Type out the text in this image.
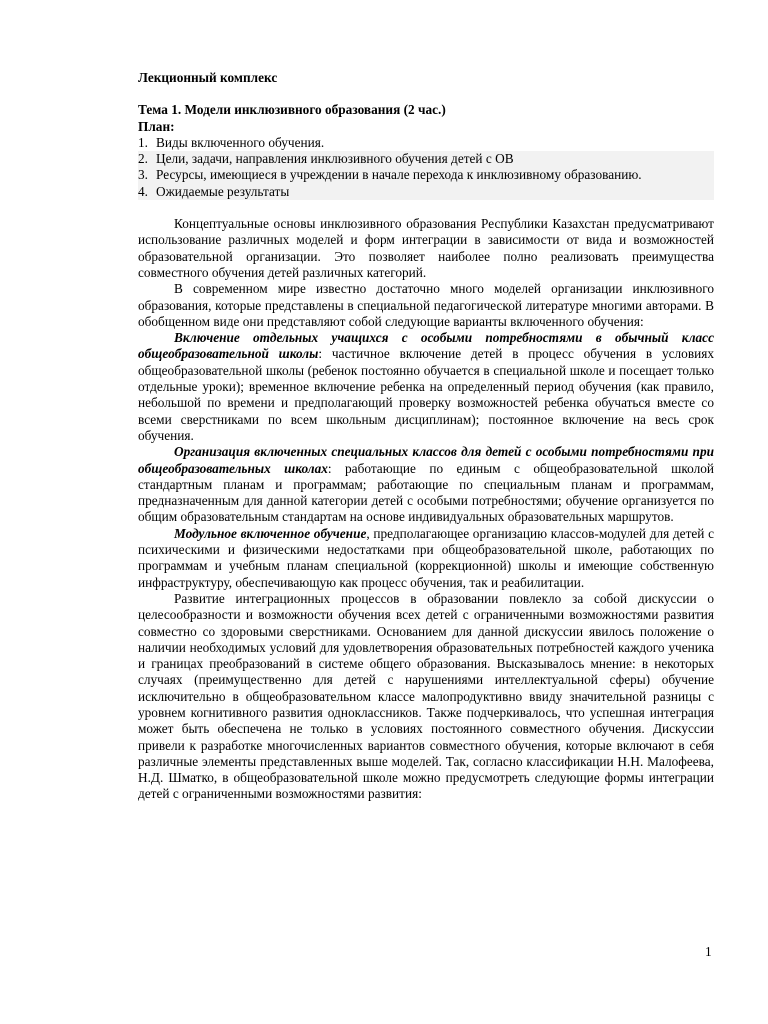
Лекционный комплекс

Тема 1. Модели инклюзивного образования (2 час.)

План:

1. Виды включенного обучения.
2. Цели, задачи, направления инклюзивного обучения детей с ОВ
3. Ресурсы, имеющиеся в учреждении в начале перехода к инклюзивному образованию.
4. Ожидаемые результаты

Концептуальные основы инклюзивного образования Республики Казахстан предусматривают использование различных моделей и форм интеграции в зависимости от вида и возможностей образовательной организации. Это позволяет наиболее полно реализовать преимущества совместного обучения детей различных категорий.

В современном мире известно достаточно много моделей организации инклюзивного образования, которые представлены в специальной педагогической литературе многими авторами. В обобщенном виде они представляют собой следующие варианты включенного обучения:

Включение отдельных учащихся с особыми потребностями в обычный класс общеобразовательной школы: частичное включение детей в процесс обучения в условиях общеобразовательной школы (ребенок постоянно обучается в специальной школе и посещает только отдельные уроки); временное включение ребенка на определенный период обучения (как правило, небольшой по времени и предполагающий проверку возможностей ребенка обучаться вместе со всеми сверстниками по всем школьным дисциплинам); постоянное включение на весь срок обучения.

Организация включенных специальных классов для детей с особыми потребностями при общеобразовательных школах: работающие по единым с общеобразовательной школой стандартным планам и программам; работающие по специальным планам и программам, предназначенным для данной категории детей с особыми потребностями; обучение организуется по общим образовательным стандартам на основе индивидуальных образовательных маршрутов.

Модульное включенное обучение, предполагающее организацию классов-модулей для детей с психическими и физическими недостатками при общеобразовательной школе, работающих по программам и учебным планам специальной (коррекционной) школы и имеющие собственную инфраструктуру, обеспечивающую как процесс обучения, так и реабилитации.

Развитие интеграционных процессов в образовании повлекло за собой дискуссии о целесообразности и возможности обучения всех детей с ограниченными возможностями развития совместно со здоровыми сверстниками. Основанием для данной дискуссии явилось положение о наличии необходимых условий для удовлетворения образовательных потребностей каждого ученика и границах преобразований в системе общего образования. Высказывалось мнение: в некоторых случаях (преимущественно для детей с нарушениями интеллектуальной сферы) обучение исключительно в общеобразовательном классе малопродуктивно ввиду значительной разницы с уровнем когнитивного развития одноклассников. Также подчеркивалось, что успешная интеграция может быть обеспечена не только в условиях постоянного совместного обучения. Дискуссии привели к разработке многочисленных вариантов совместного обучения, которые включают в себя различные элементы представленных выше моделей. Так, согласно классификации Н.Н. Малофеева, Н.Д. Шматко, в общеобразовательной школе можно предусмотреть следующие формы интеграции детей с ограниченными возможностями развития:

1
